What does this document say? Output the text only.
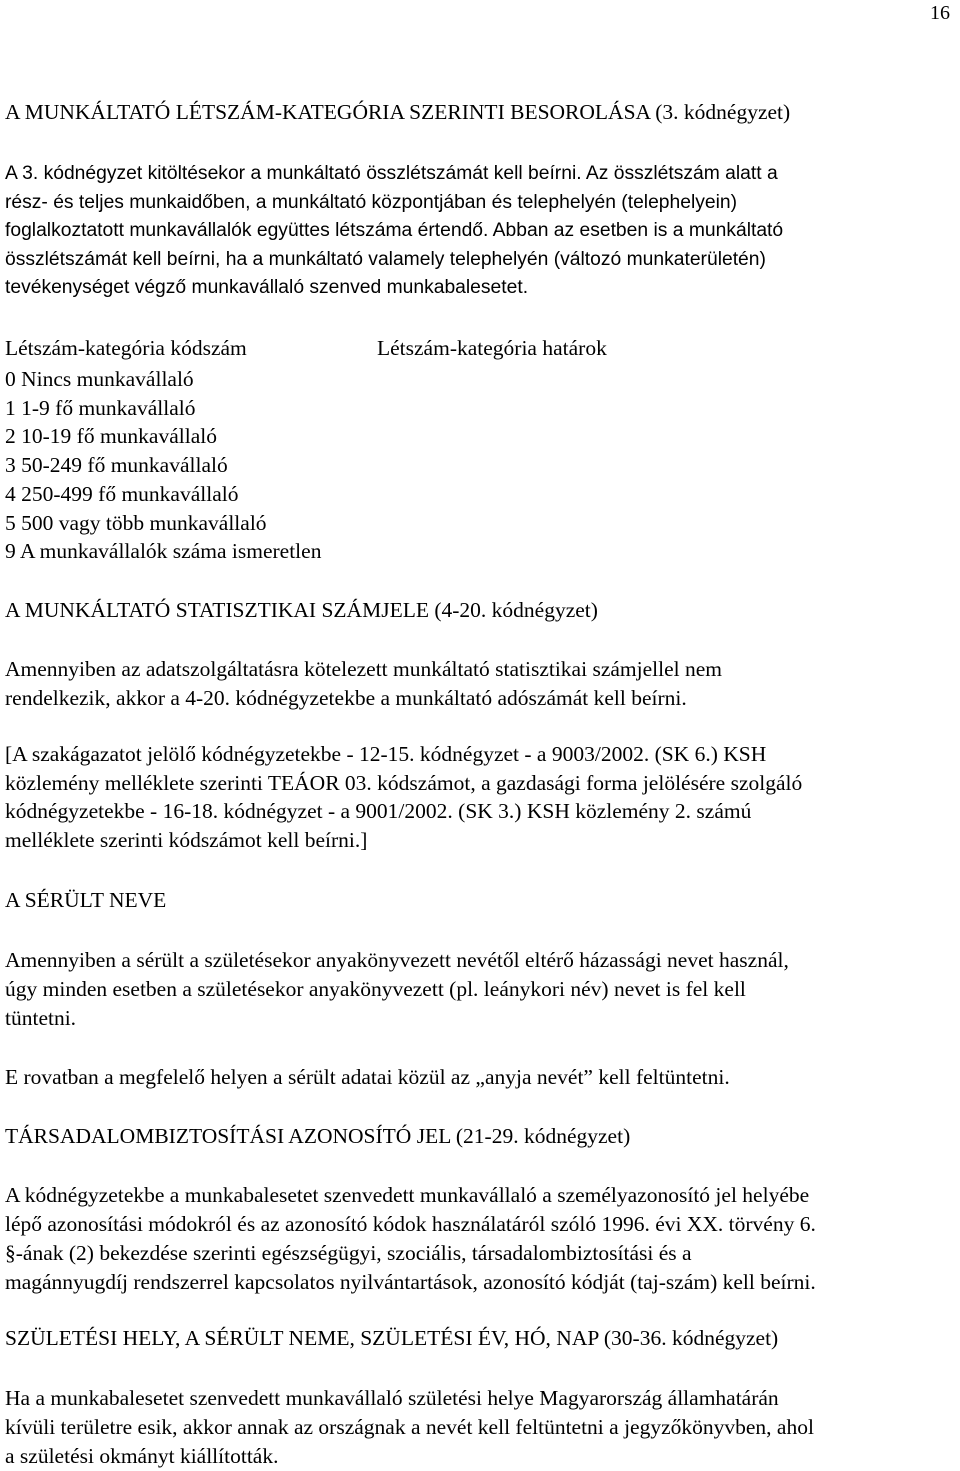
16
A MUNKÁLTATÓ LÉTSZÁM-KATEGÓRIA SZERINTI BESOROLÁSA (3. kódnégyzet)
A 3. kódnégyzet kitöltésekor a munkáltató összlétszámát kell beírni. Az összlétszám alatt a
rész- és teljes munkaidőben, a munkáltató központjában és telephelyén (telephelyein)
foglalkoztatott munkavállalók együttes létszáma értendő. Abban az esetben is a munkáltató
összlétszámát kell beírni, ha a munkáltató valamely telephelyén (változó munkaterületén)
tevékenységet végző munkavállaló szenved munkabalesetet.
Létszám-kategória kódszám	Létszám-kategória határok
0 Nincs munkavállaló
1 1-9 fő munkavállaló
2 10-19 fő munkavállaló
3 50-249 fő munkavállaló
4 250-499 fő munkavállaló
5 500 vagy több munkavállaló
9 A munkavállalók száma ismeretlen
A MUNKÁLTATÓ STATISZTIKAI SZÁMJELE (4-20. kódnégyzet)
Amennyiben az adatszolgáltatásra kötelezett munkáltató statisztikai számjellel nem
rendelkezik, akkor a 4-20. kódnégyzetekbe a munkáltató adószámát kell beírni.
[A szakágazatot jelölő kódnégyzetekbe - 12-15. kódnégyzet - a 9003/2002. (SK 6.) KSH
közlemény melléklete szerinti TEÁOR 03. kódszámot, a gazdasági forma jelölésére szolgáló
kódnégyzetekbe - 16-18. kódnégyzet - a 9001/2002. (SK 3.) KSH közlemény 2. számú
melléklete szerinti kódszámot kell beírni.]
A SÉRÜLT NEVE
Amennyiben a sérült a születésekor anyakönyvezett nevétől eltérő házassági nevet használ,
úgy minden esetben a születésekor anyakönyvezett (pl. leánykori név) nevet is fel kell
tüntetni.
E rovatban a megfelelő helyen a sérült adatai közül az „anyja nevét” kell feltüntetni.
TÁRSADALOMBIZTOSÍTÁSI AZONOSÍTÓ JEL (21-29. kódnégyzet)
A kódnégyzetekbe a munkabalesetet szenvedett munkavállaló a személyazonosító jel helyébe
lépő azonosítási módokról és az azonosító kódok használatáról szóló 1996. évi XX. törvény 6.
§-ának (2) bekezdése szerinti egészségügyi, szociális, társadalombiztosítási és a
magánnyugdíj rendszerrel kapcsolatos nyilvántartások, azonosító kódját (taj-szám) kell beírni.
SZÜLETÉSI HELY, A SÉRÜLT NEME, SZÜLETÉSI ÉV, HÓ, NAP (30-36. kódnégyzet)
Ha a munkabalesetet szenvedett munkavállaló születési helye Magyarország államhatárán
kívüli területre esik, akkor annak az országnak a nevét kell feltüntetni a jegyzőkönyvben, ahol
a születési okmányt kiállították.
